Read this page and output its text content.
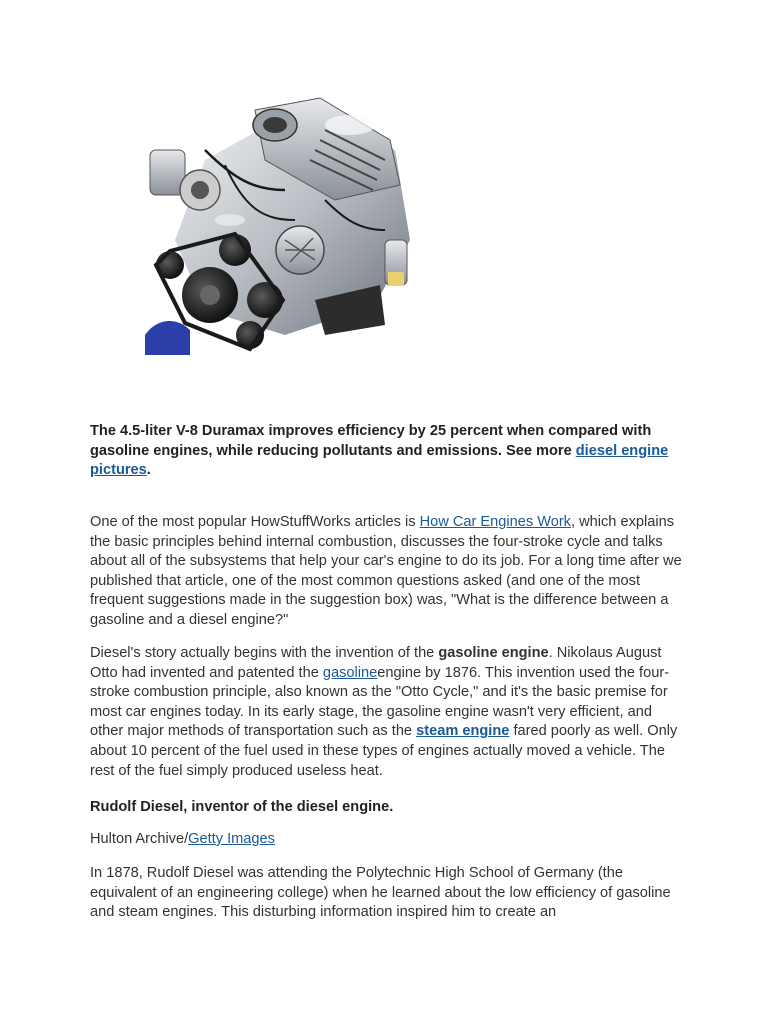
The 4.5-liter V-8 Duramax improves efficiency by 25 percent when compared with gasoline engines, while reducing pollutants and emissions. See more diesel engine pictures.

One of the most popular HowStuffWorks articles is How Car Engines Work, which explains the basic principles behind internal combustion, discusses the four-stroke cycle and talks about all of the subsystems that help your car's engine to do its job. For a long time after we published that article, one of the most common questions asked (and one of the most frequent suggestions made in the suggestion box) was, "What is the difference between a gasoline and a diesel engine?"

Diesel's story actually begins with the invention of the gasoline engine. Nikolaus August Otto had invented and patented the gasolineengine by 1876. This invention used the four-stroke combustion principle, also known as the "Otto Cycle," and it's the basic premise for most car engines today. In its early stage, the gasoline engine wasn't very efficient, and other major methods of transportation such as the steam engine fared poorly as well. Only about 10 percent of the fuel used in these types of engines actually moved a vehicle. The rest of the fuel simply produced useless heat.

Rudolf Diesel, inventor of the diesel engine.

Hulton Archive/Getty Images

In 1878, Rudolf Diesel was attending the Polytechnic High School of Germany (the equivalent of an engineering college) when he learned about the low efficiency of gasoline and steam engines. This disturbing information inspired him to create an
